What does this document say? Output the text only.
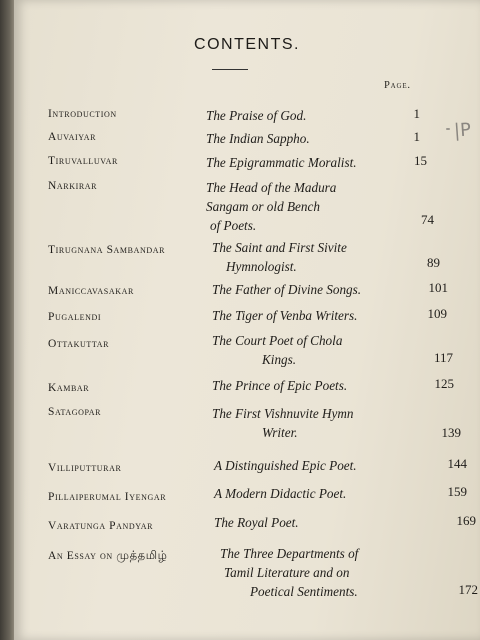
CONTENTS.
Page.
Introduction	The Praise of God.	1
Auvaiyar	The Indian Sappho.	1
Tiruvalluvar	The Epigrammatic Moralist.	15
Narkirar	The Head of the Madura
Sangam or old Bench
of Poets.	74
Tirugnana Sambandar	The Saint and First Sivite
Hymnologist.	89
Maniccavasakar	The Father of Divine Songs.	101
Pugalendi	The Tiger of Venba Writers.	109
Ottakuttar	The Court Poet of Chola
Kings.	117
Kambar	The Prince of Epic Poets.	125
Satagopar	The First Vishnuvite Hymn
Writer.	139
Villiputturar	A Distinguished Epic Poet.	144
Pillaiperumal Iyengar	A Modern Didactic Poet.	159
Varatunga Pandyar	The Royal Poet.	169
An Essay on முத்தமிழ்	The Three Departments of
Tamil Literature and on
Poetical Sentiments.	172
|P
